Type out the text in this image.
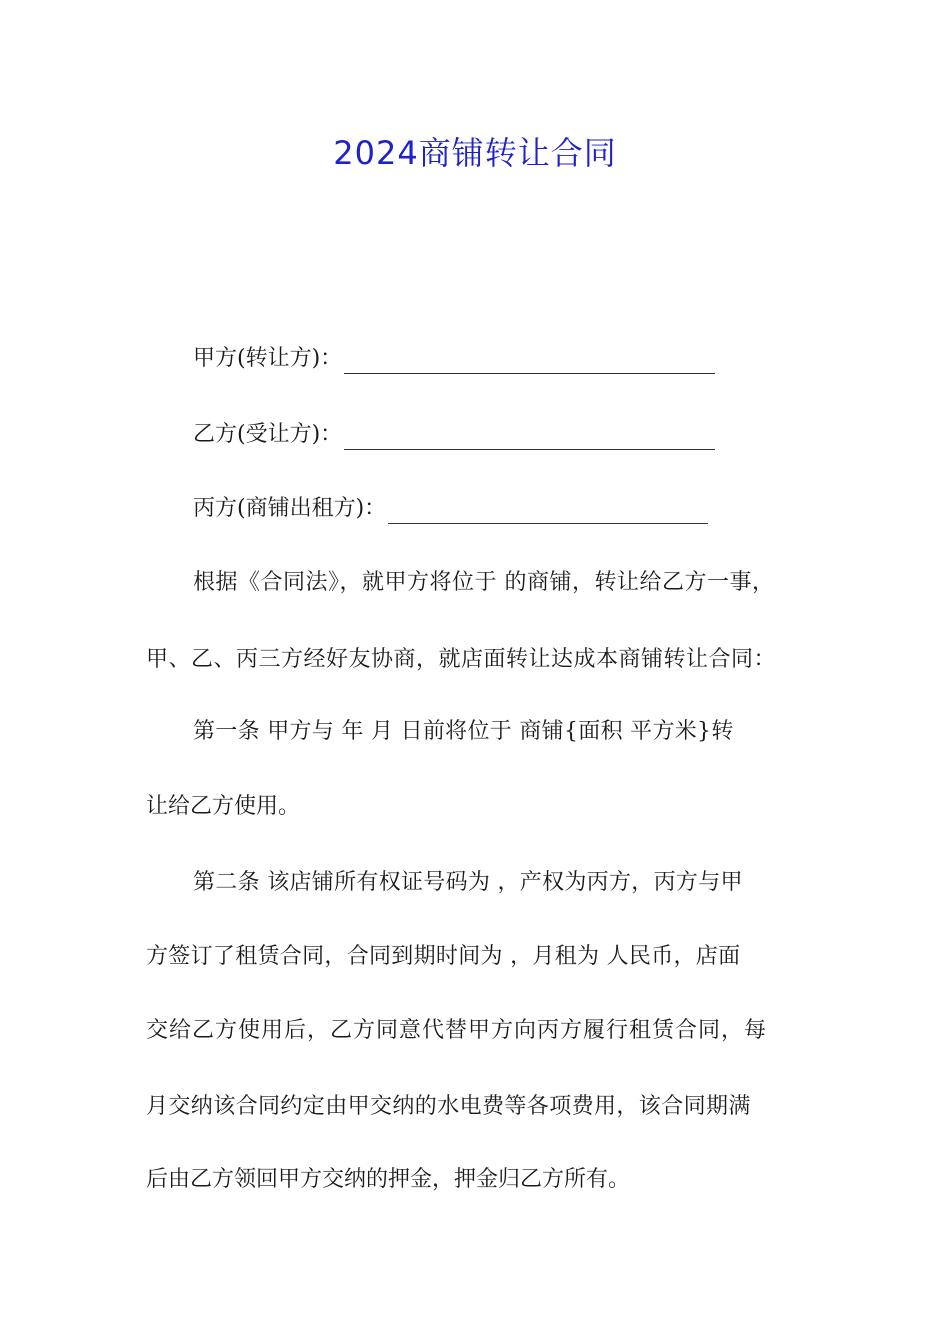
2024商铺转让合同
甲方(转让方)：
乙方(受让方)：
丙方(商铺出租方)：
根据《合同法》，就甲方将位于 的商铺，转让给乙方一事，
甲、乙、丙三方经好友协商，就店面转让达成本商铺转让合同：
第一条 甲方与 年 月 日前将位于 商铺{面积 平方米}转
让给乙方使用。
第二条 该店铺所有权证号码为 ，产权为丙方，丙方与甲
方签订了租赁合同，合同到期时间为 ，月租为 人民币，店面
交给乙方使用后，乙方同意代替甲方向丙方履行租赁合同，每
月交纳该合同约定由甲交纳的水电费等各项费用，该合同期满
后由乙方领回甲方交纳的押金，押金归乙方所有。
